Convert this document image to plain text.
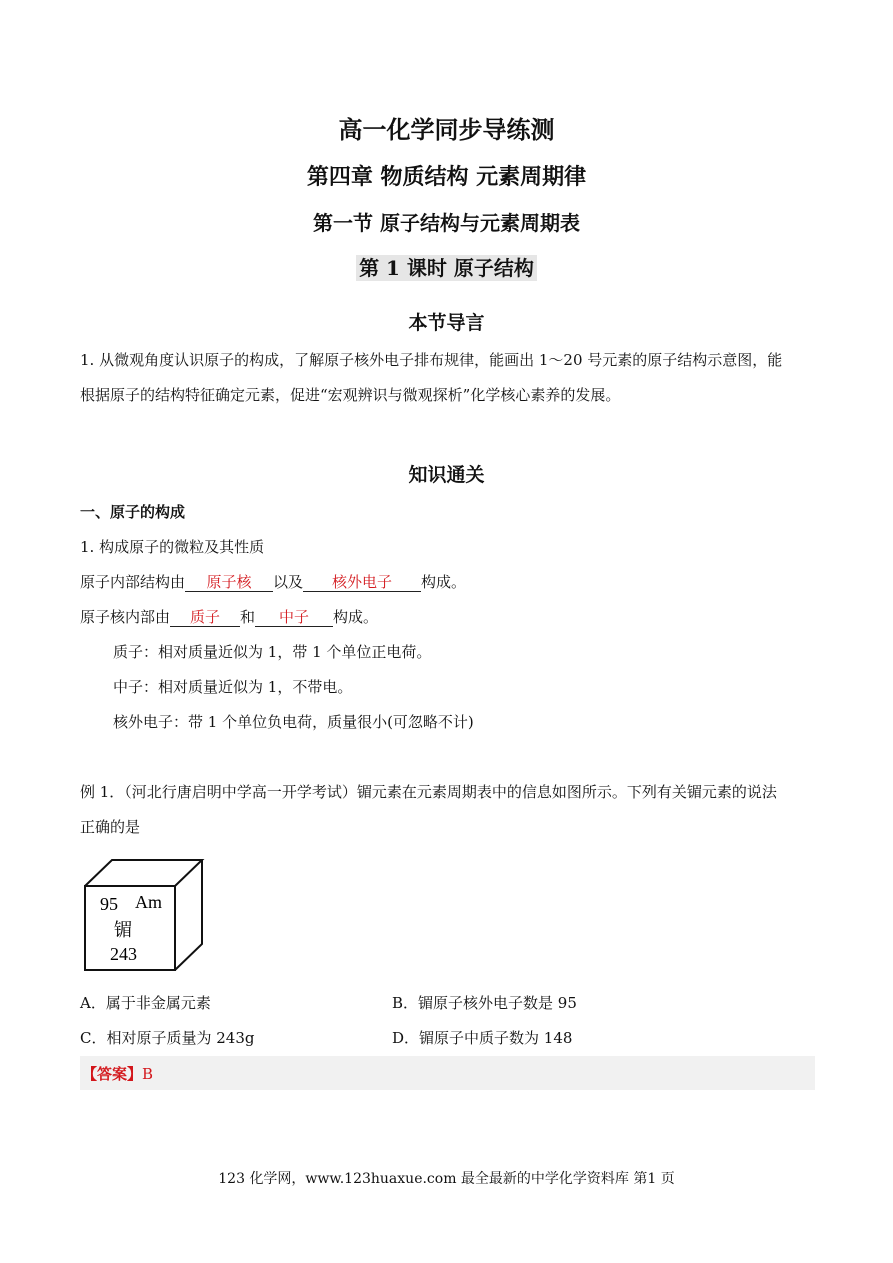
高一化学同步导练测
第四章 物质结构 元素周期律
第一节 原子结构与元素周期表
第 1 课时 原子结构
本节导言
1. 从微观角度认识原子的构成，了解原子核外电子排布规律，能画出 1～20 号元素的原子结构示意图，能
根据原子的结构特征确定元素，促进“宏观辨识与微观探析”化学核心素养的发展。
知识通关
一、原子的构成
1. 构成原子的微粒及其性质
原子内部结构由 原子核 以及 核外电子 构成。
原子核内部由 质子 和 中子 构成。
质子：相对质量近似为 1，带 1 个单位正电荷。
中子：相对质量近似为 1，不带电。
核外电子：带 1 个单位负电荷，质量很小(可忽略不计)
例 1．（河北行唐启明中学高一开学考试）镅元素在元素周期表中的信息如图所示。下列有关镅元素的说法
正确的是
95 Am
镅
243
A．属于非金属元素	B．镅原子核外电子数是 95
C．相对原子质量为 243g	D．镅原子中质子数为 148
【答案】B
123 化学网，www.123huaxue.com 最全最新的中学化学资料库 第1 页
